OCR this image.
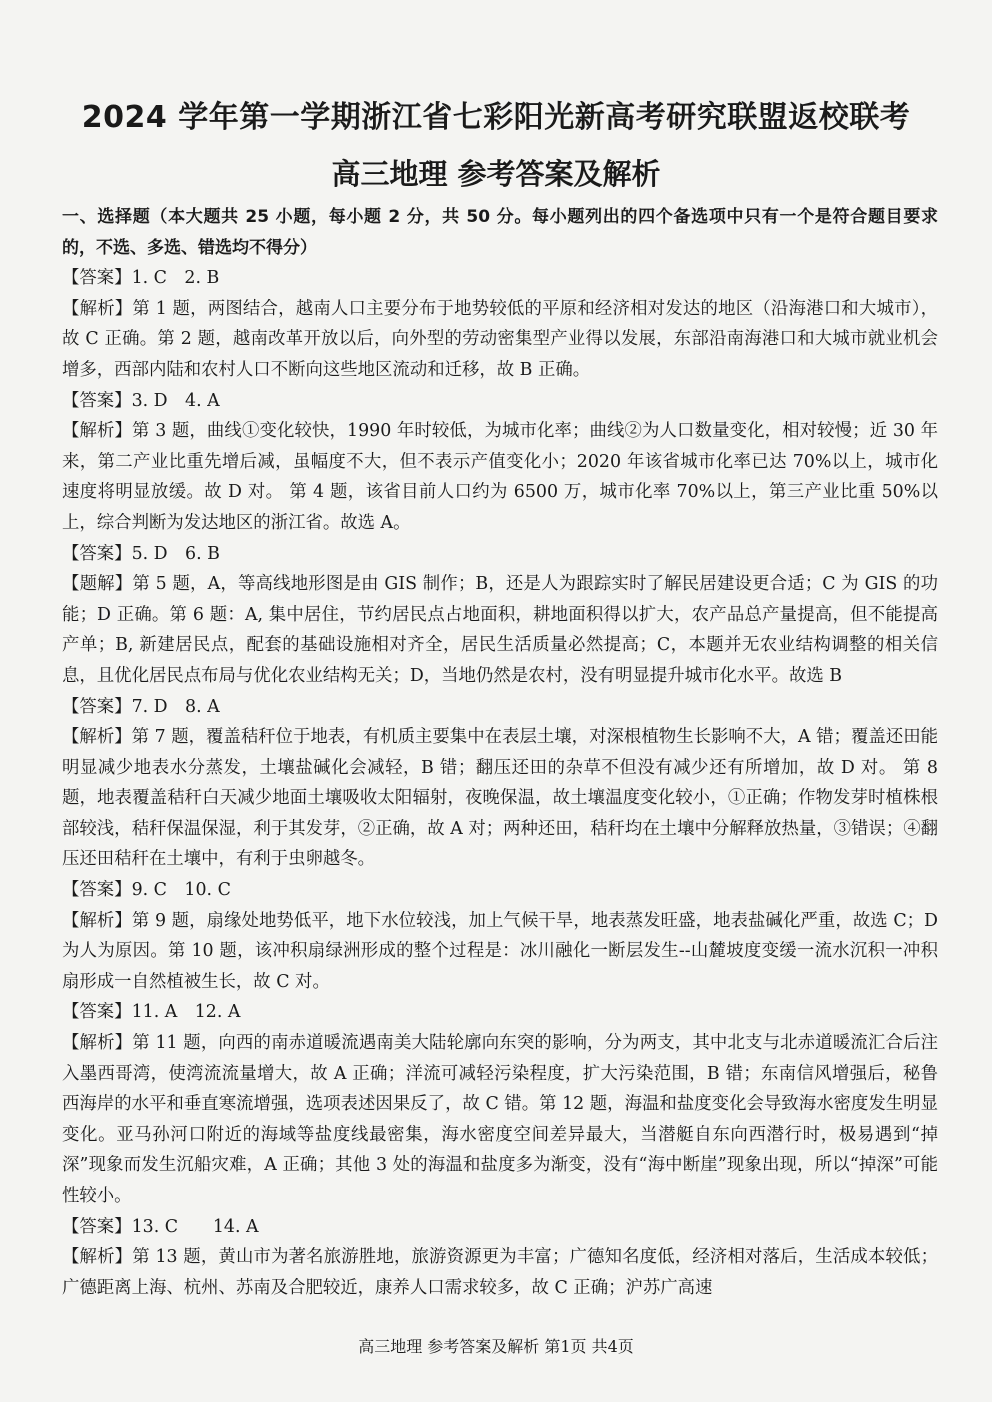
2024 学年第一学期浙江省七彩阳光新高考研究联盟返校联考
高三地理 参考答案及解析

一、选择题（本大题共 25 小题，每小题 2 分，共 50 分。每小题列出的四个备选项中只有一个是符合题目要求的，不选、多选、错选均不得分）

【答案】1. C　2. B

【解析】第 1 题，两图结合，越南人口主要分布于地势较低的平原和经济相对发达的地区（沿海港口和大城市），故 C 正确。第 2 题，越南改革开放以后，向外型的劳动密集型产业得以发展，东部沿南海港口和大城市就业机会增多，西部内陆和农村人口不断向这些地区流动和迁移，故 B 正确。

【答案】3. D　4. A

【解析】第 3 题，曲线①变化较快，1990 年时较低，为城市化率；曲线②为人口数量变化，相对较慢；近 30 年来，第二产业比重先增后减，虽幅度不大，但不表示产值变化小；2020 年该省城市化率已达 70%以上，城市化速度将明显放缓。故 D 对。 第 4 题，该省目前人口约为 6500 万，城市化率 70%以上，第三产业比重 50%以上，综合判断为发达地区的浙江省。故选 A。

【答案】5. D　6. B

【题解】第 5 题，A，等高线地形图是由 GIS 制作；B，还是人为跟踪实时了解民居建设更合适；C 为 GIS 的功能；D 正确。第 6 题：A, 集中居住，节约居民点占地面积，耕地面积得以扩大，农产品总产量提高，但不能提高产单；B, 新建居民点，配套的基础设施相对齐全，居民生活质量必然提高；C，本题并无农业结构调整的相关信息，且优化居民点布局与优化农业结构无关；D，当地仍然是农村，没有明显提升城市化水平。故选 B

【答案】7. D　8. A

【解析】第 7 题，覆盖秸秆位于地表，有机质主要集中在表层土壤，对深根植物生长影响不大，A 错；覆盖还田能明显减少地表水分蒸发，土壤盐碱化会减轻，B 错；翻压还田的杂草不但没有减少还有所增加，故 D 对。 第 8 题，地表覆盖秸秆白天减少地面土壤吸收太阳辐射，夜晚保温，故土壤温度变化较小，①正确；作物发芽时植株根部较浅，秸秆保温保湿，利于其发芽，②正确，故 A 对；两种还田，秸秆均在土壤中分解释放热量，③错误；④翻压还田秸秆在土壤中，有利于虫卵越冬。

【答案】9. C　10. C

【解析】第 9 题，扇缘处地势低平，地下水位较浅，加上气候干旱，地表蒸发旺盛，地表盐碱化严重，故选 C；D 为人为原因。第 10 题，该冲积扇绿洲形成的整个过程是：冰川融化一断层发生--山麓坡度变缓一流水沉积一冲积扇形成一自然植被生长，故 C 对。

【答案】11. A　12. A

【解析】第 11 题，向西的南赤道暖流遇南美大陆轮廓向东突的影响，分为两支，其中北支与北赤道暖流汇合后注入墨西哥湾，使湾流流量增大，故 A 正确；洋流可减轻污染程度，扩大污染范围，B 错；东南信风增强后，秘鲁西海岸的水平和垂直寒流增强，选项表述因果反了，故 C 错。第 12 题，海温和盐度变化会导致海水密度发生明显变化。亚马孙河口附近的海域等盐度线最密集，海水密度空间差异最大，当潜艇自东向西潜行时，极易遇到“掉深”现象而发生沉船灾难，A 正确；其他 3 处的海温和盐度多为渐变，没有“海中断崖”现象出现，所以“掉深”可能性较小。

【答案】13. C　　14. A

【解析】第 13 题，黄山市为著名旅游胜地，旅游资源更为丰富；广德知名度低，经济相对落后，生活成本较低；广德距离上海、杭州、苏南及合肥较近，康养人口需求较多，故 C 正确；沪苏广高速

高三地理 参考答案及解析 第1页 共4页
